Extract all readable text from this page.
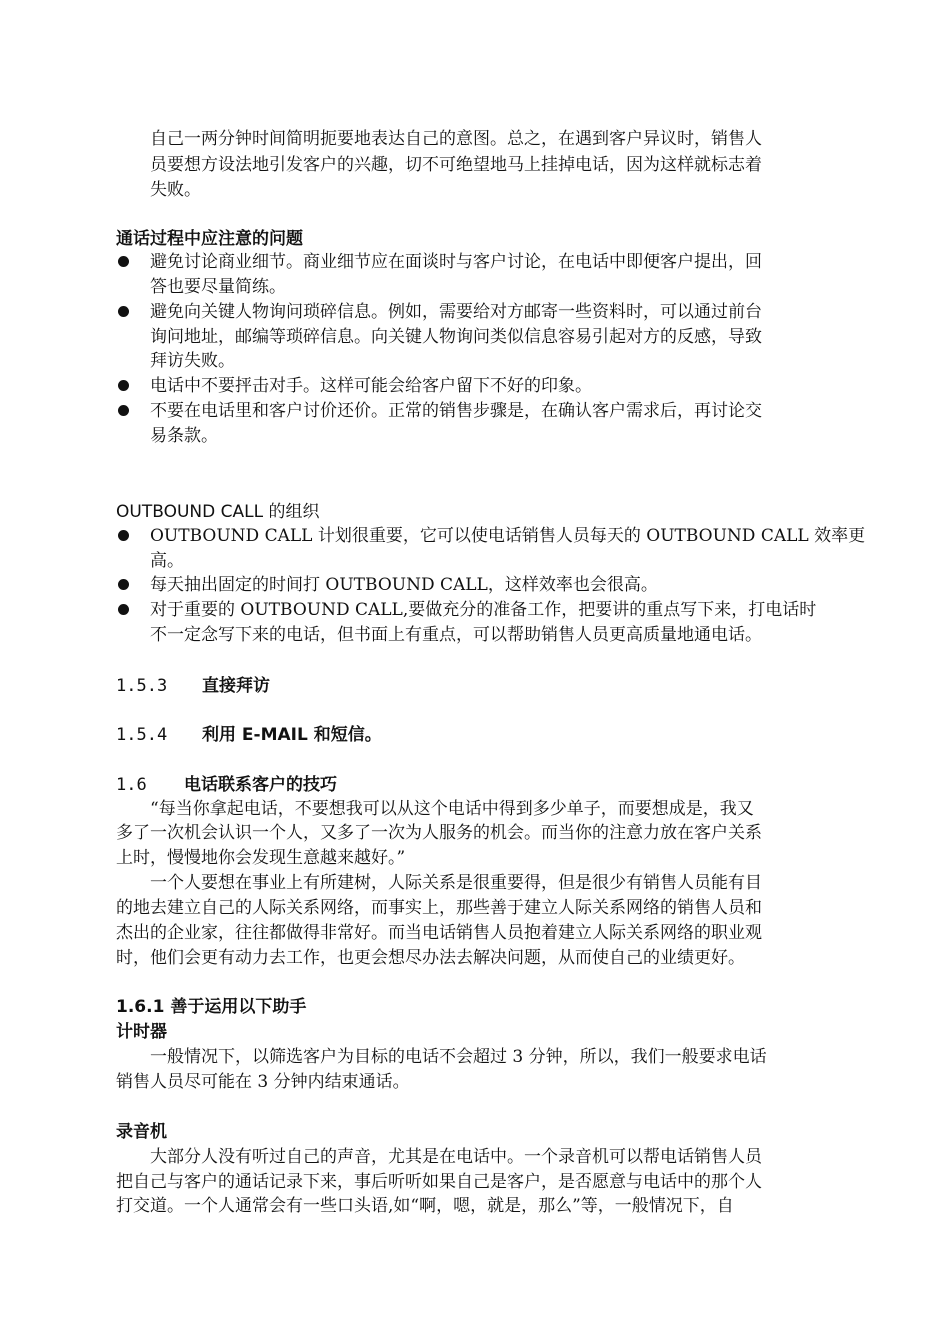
自己一两分钟时间简明扼要地表达自己的意图。总之，在遇到客户异议时，销售人
员要想方设法地引发客户的兴趣，切不可绝望地马上挂掉电话，因为这样就标志着
失败。
通话过程中应注意的问题
避免讨论商业细节。商业细节应在面谈时与客户讨论，在电话中即便客户提出，回
答也要尽量简练。
避免向关键人物询问琐碎信息。例如，需要给对方邮寄一些资料时，可以通过前台
询问地址，邮编等琐碎信息。向关键人物询问类似信息容易引起对方的反感，导致
拜访失败。
电话中不要抨击对手。这样可能会给客户留下不好的印象。
不要在电话里和客户讨价还价。正常的销售步骤是，在确认客户需求后，再讨论交
易条款。
OUTBOUND CALL 的组织
OUTBOUND CALL 计划很重要，它可以使电话销售人员每天的 OUTBOUND CALL 效率更
高。
每天抽出固定的时间打 OUTBOUND CALL，这样效率也会很高。
对于重要的 OUTBOUND CALL,要做充分的准备工作，把要讲的重点写下来，打电话时
不一定念写下来的电话，但书面上有重点，可以帮助销售人员更高质量地通电话。
1.5.3 直接拜访
1.5.4 利用 E-MAIL 和短信。
1.6 电话联系客户的技巧
“每当你拿起电话，不要想我可以从这个电话中得到多少单子，而要想成是，我又
多了一次机会认识一个人，又多了一次为人服务的机会。而当你的注意力放在客户关系
上时，慢慢地你会发现生意越来越好。”
一个人要想在事业上有所建树，人际关系是很重要得，但是很少有销售人员能有目
的地去建立自己的人际关系网络，而事实上，那些善于建立人际关系网络的销售人员和
杰出的企业家，往往都做得非常好。而当电话销售人员抱着建立人际关系网络的职业观
时，他们会更有动力去工作，也更会想尽办法去解决问题，从而使自己的业绩更好。
1.6.1 善于运用以下助手
计时器
一般情况下，以筛选客户为目标的电话不会超过 3 分钟，所以，我们一般要求电话
销售人员尽可能在 3 分钟内结束通话。
录音机
大部分人没有听过自己的声音，尤其是在电话中。一个录音机可以帮电话销售人员
把自己与客户的通话记录下来，事后听听如果自己是客户，是否愿意与电话中的那个人
打交道。一个人通常会有一些口头语,如“啊，嗯，就是，那么”等，一般情况下，自
